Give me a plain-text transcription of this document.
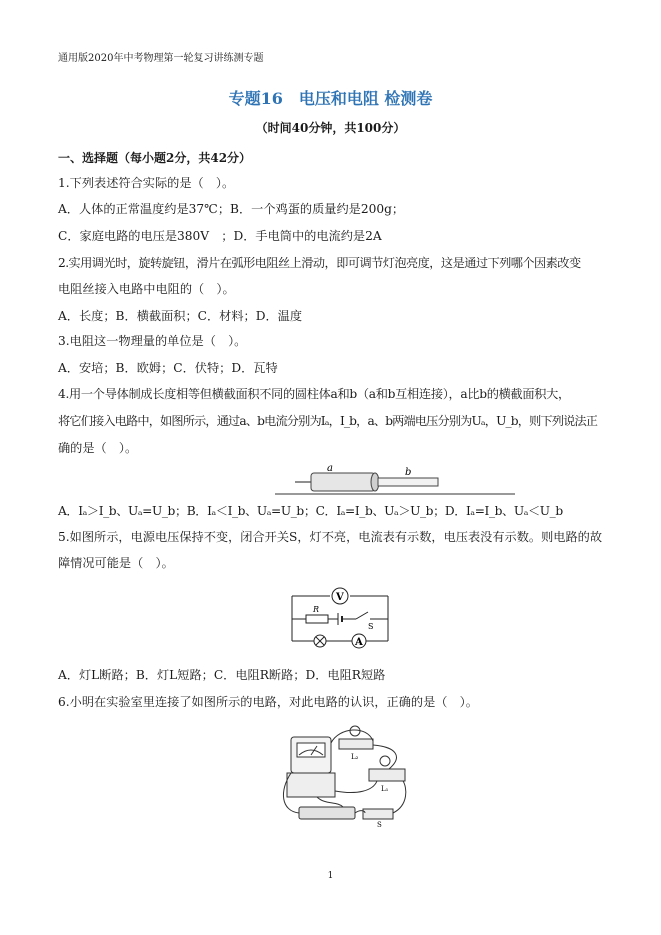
通用版2020年中考物理第一轮复习讲练测专题
专题16　电压和电阻 检测卷
（时间40分钟，共100分）
一、选择题（每小题2分，共42分）
1.下列表述符合实际的是（　）。
A．人体的正常温度约是37℃；B．一个鸡蛋的质量约是200g；
C．家庭电路的电压是380V　；D．手电筒中的电流约是2A
2.实用调光时，旋转旋钮，滑片在弧形电阻丝上滑动，即可调节灯泡亮度，这是通过下列哪个因素改变
电阻丝接入电路中电阻的（　）。
A．长度；B．横截面积；C．材料；D．温度
3.电阻这一物理量的单位是（　）。
A．安培；B．欧姆；C．伏特；D．瓦特
4.用一个导体制成长度相等但横截面积不同的圆柱体a和b（a和b互相连接），a比b的横截面积大，
将它们接入电路中，如图所示，通过a、b电流分别为Iₐ，I_b，a、b两端电压分别为Uₐ，U_b，则下列说法正
确的是（　）。
a	b
A．Iₐ＞I_b、Uₐ=U_b；B．Iₐ＜I_b、Uₐ=U_b；C．Iₐ=I_b、Uₐ＞U_b；D．Iₐ=I_b、Uₐ＜U_b
5.如图所示，电源电压保持不变，闭合开关S，灯不亮，电流表有示数，电压表没有示数。则电路的故
障情况可能是（　）。
V
A
R
S
A．灯L断路；B．灯L短路；C．电阻R断路；D．电阻R短路
6.小明在实验室里连接了如图所示的电路，对此电路的认识，正确的是（　）。
L₂
L₁
S
1
